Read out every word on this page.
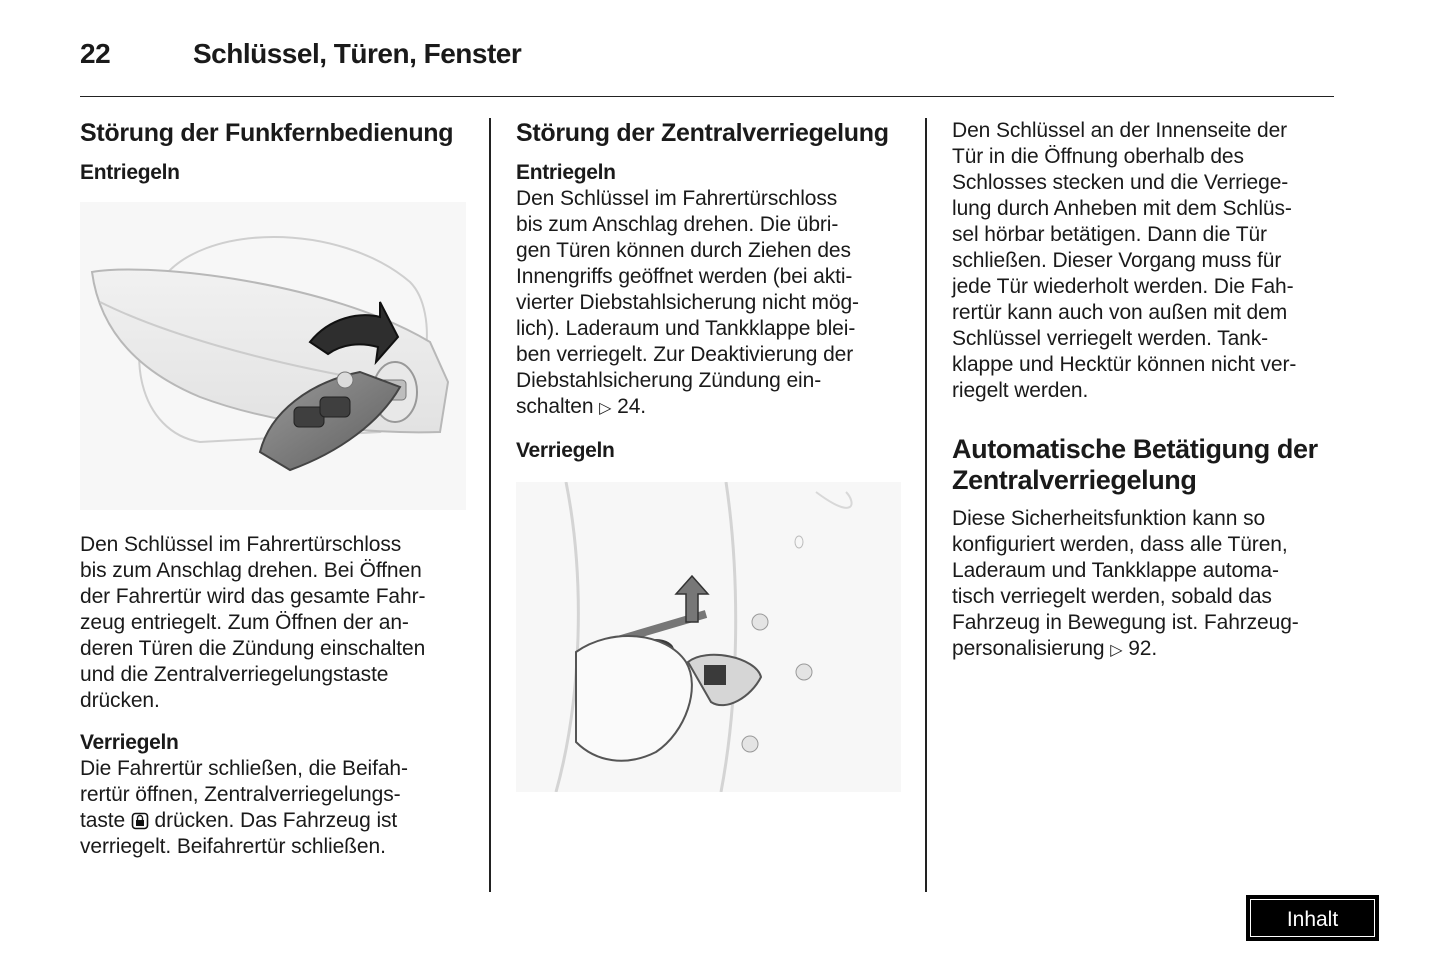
22	Schlüssel, Türen, Fenster
Störung der Funkfernbedienung
Entriegeln

Den Schlüssel im Fahrertürschloss
bis zum Anschlag drehen. Bei Öffnen
der Fahrertür wird das gesamte Fahr-
zeug entriegelt. Zum Öffnen der an-
deren Türen die Zündung einschalten
und die Zentralverriegelungstaste
drücken.

Verriegeln

Die Fahrertür schließen, die Beifah-
rertür öffnen, Zentralverriegelungs-
taste drücken. Das Fahrzeug ist
verriegelt. Beifahrertür schließen.

Störung der Zentralverriegelung
Entriegeln

Den Schlüssel im Fahrertürschloss
bis zum Anschlag drehen. Die übri-
gen Türen können durch Ziehen des
Innengriffs geöffnet werden (bei akti-
vierter Diebstahlsicherung nicht mög-
lich). Laderaum und Tankklappe blei-
ben verriegelt. Zur Deaktivierung der
Diebstahlsicherung Zündung ein-
schalten ▷ 24.

Verriegeln

Den Schlüssel an der Innenseite der
Tür in die Öffnung oberhalb des
Schlosses stecken und die Verriege-
lung durch Anheben mit dem Schlüs-
sel hörbar betätigen. Dann die Tür
schließen. Dieser Vorgang muss für
jede Tür wiederholt werden. Die Fah-
rertür kann auch von außen mit dem
Schlüssel verriegelt werden. Tank-
klappe und Hecktür können nicht ver-
riegelt werden.

Automatische Betätigung der
Zentralverriegelung

Diese Sicherheitsfunktion kann so
konfiguriert werden, dass alle Türen,
Laderaum und Tankklappe automa-
tisch verriegelt werden, sobald das
Fahrzeug in Bewegung ist. Fahrzeug-
personalisierung ▷ 92.

Inhalt
